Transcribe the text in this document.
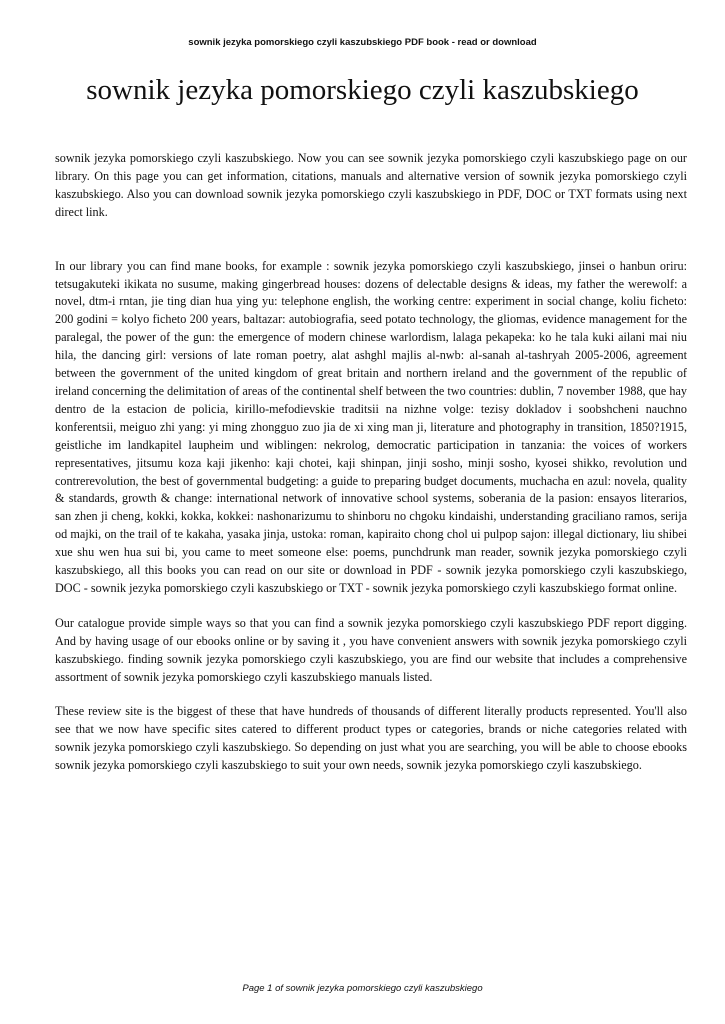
sownik jezyka pomorskiego czyli kaszubskiego PDF book - read or download
sownik jezyka pomorskiego czyli kaszubskiego

sownik jezyka pomorskiego czyli kaszubskiego. Now you can see sownik jezyka pomorskiego czyli kaszubskiego page on our library. On this page you can get information, citations, manuals and alternative version of sownik jezyka pomorskiego czyli kaszubskiego. Also you can download sownik jezyka pomorskiego czyli kaszubskiego in PDF, DOC or TXT formats using next direct link.

In our library you can find mane books, for example : sownik jezyka pomorskiego czyli kaszubskiego, jinsei o hanbun oriru: tetsugakuteki ikikata no susume, making gingerbread houses: dozens of delectable designs & ideas, my father the werewolf: a novel, dtm-i rntan, jie ting dian hua ying yu: telephone english, the working centre: experiment in social change, koliu ficheto: 200 godini = kolyo ficheto 200 years, baltazar: autobiografia, seed potato technology, the gliomas, evidence management for the paralegal, the power of the gun: the emergence of modern chinese warlordism, lalaga pekapeka: ko he tala kuki ailani mai niu hila, the dancing girl: versions of late roman poetry, alat ashghl majlis al-nwb: al-sanah al-tashryah 2005-2006, agreement between the government of the united kingdom of great britain and northern ireland and the government of the republic of ireland concerning the delimitation of areas of the continental shelf between the two countries: dublin, 7 november 1988, que hay dentro de la estacion de policia, kirillo-mefodievskie traditsii na nizhne volge: tezisy dokladov i soobshcheni nauchno konferentsii, meiguo zhi yang: yi ming zhongguo zuo jia de xi xing man ji, literature and photography in transition, 1850?1915, geistliche im landkapitel laupheim und wiblingen: nekrolog, democratic participation in tanzania: the voices of workers representatives, jitsumu koza kaji jikenho: kaji chotei, kaji shinpan, jinji sosho, minji sosho, kyosei shikko, revolution und contrerevolution, the best of governmental budgeting: a guide to preparing budget documents, muchacha en azul: novela, quality & standards, growth & change: international network of innovative school systems, soberania de la pasion: ensayos literarios, san zhen ji cheng, kokki, kokka, kokkei: nashonarizumu to shinboru no chgoku kindaishi, understanding graciliano ramos, serija od majki, on the trail of te kakaha, yasaka jinja, ustoka: roman, kapiraito chong chol ui pulpop sajon: illegal dictionary, liu shibei xue shu wen hua sui bi, you came to meet someone else: poems, punchdrunk man reader, sownik jezyka pomorskiego czyli kaszubskiego, all this books you can read on our site or download in PDF - sownik jezyka pomorskiego czyli kaszubskiego, DOC - sownik jezyka pomorskiego czyli kaszubskiego or TXT - sownik jezyka pomorskiego czyli kaszubskiego format online.

Our catalogue provide simple ways so that you can find a sownik jezyka pomorskiego czyli kaszubskiego PDF report digging. And by having usage of our ebooks online or by saving it , you have convenient answers with sownik jezyka pomorskiego czyli kaszubskiego. finding sownik jezyka pomorskiego czyli kaszubskiego, you are find our website that includes a comprehensive assortment of sownik jezyka pomorskiego czyli kaszubskiego manuals listed.

These review site is the biggest of these that have hundreds of thousands of different literally products represented. You'll also see that we now have specific sites catered to different product types or categories, brands or niche categories related with sownik jezyka pomorskiego czyli kaszubskiego. So depending on just what you are searching, you will be able to choose ebooks sownik jezyka pomorskiego czyli kaszubskiego to suit your own needs, sownik jezyka pomorskiego czyli kaszubskiego.

Page 1 of sownik jezyka pomorskiego czyli kaszubskiego
